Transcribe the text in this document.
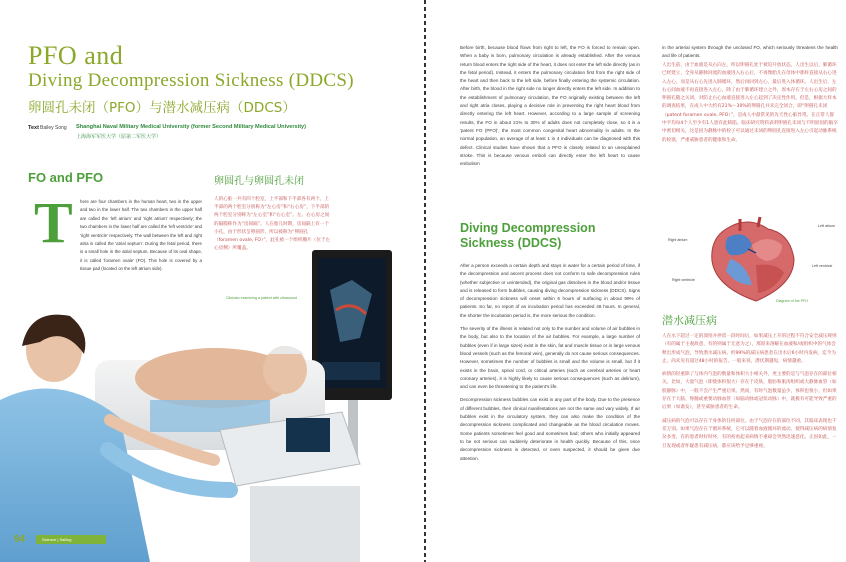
PFO and
Diving Decompression Sickness (DDCS)
卵圆孔未闭（PFO）与潜水减压病（DDCS）
Text Bailey Song Shanghai Naval Military Medical University (former Second Military Medical University)
上海海军军医大学（原第二军医大学）
FO and PFO	卵圆孔与卵圆孔未闭
T here are four chambers in the human heart, two in the upper and two in the lower half. The two chambers in the upper half are called the 'left atrium' and 'right atrium' respectively; the two chambers in the lower half are called the 'left ventricle' and 'right ventricle' respectively. The wall between the left and right atria is called the 'atrial septum'. During the fetal period, there is a small hole in the atrial septum. Because of its oval shape, it is called 'foramen ovale' (FO). This hole is covered by a tissue pad (located on the left atrium side).
人的心脏一共有四个腔室，上半部和下半部各有两个。上半部的两个腔室分别称为“左心房”和“右心房”，下半部的两个腔室分别称为“左心室”和“右心室”。左、右心房之间的隔膜称作为“房间隔”。人在胎儿时期，房间隔上有一个小孔，由于形状呈卵圆形，所以被称为“卵圆孔（foramen ovale, FO）”，此孔被一个组织瓣片（位于左心房侧）所覆盖。
Clinician examining a patient with ultrasound
94	Science | Sailing

Before birth, because blood flows from right to left, the FO is forced to remain open. When a baby is born, pulmonary circulation is already established. After the venous return blood enters the right side of the heart, it does not enter the left side directly (as in the fetal period). Instead, it enters the pulmonary circulation first from the right side of the heart and then back to the left side, before finally entering the systemic circulation. After birth, the blood in the right side no longer directly enters the left side. In addition to the establishment of pulmonary circulation, the FO originally existing between the left and right atria closes, playing a decisive role in preventing the right heart blood from directly entering the left heart. However, according to a large sample of screening results, the FO in about 21% to 30% of adults does not completely close, so it is a 'patent FO (PFO)', the most common congenital heart abnormality in adults. In the normal population, an average of at least 1 in 4 individuals can be diagnosed with this defect. Clinical studies have shown that a PFO is closely related to an unexplained stroke. This is because venous emboli can directly enter the left heart to cause embolism

Diving Decompression Sickness (DDCS)

After a person exceeds a certain depth and stays in water for a certain period of time, if the decompression and ascent process does not conform to safe decompression rules (whether subjective or unintended), the original gas dissolves in the blood and/or tissue and is released to form bubbles, causing diving decompression sickness (DDCS). Signs of decompression sickness will onset within 6 hours of surfacing in about 99% of patients. So far, no report of an incubation period has exceeded 48 hours. In general, the shorter the incubation period is, the more serious the condition.

The severity of the illness is related not only to the number and volume of air bubbles in the body, but also to the location of the air bubbles. For example, a large number of bubbles (even if in large sizes) exist in the skin, fat and muscle tissue or in large venous blood vessels (such as the femoral vein), generally do not cause serious consequences. However, sometimes the number of bubbles is small and the volume is small, but if it exists in the brain, spinal cord, or critical arteries (such as cerebral arteries or heart coronary arteries), it is highly likely to cause serious consequences (such as delirium), and can even be threatening to the patient's life.

Decompression sickness bubbles can exist in any part of the body. Due to the presence of different bubbles, their clinical manifestations are not the same and vary widely. If air bubbles exist in the circulatory system, they can also make the condition of the decompression sickness complicated and changeable as the blood circulation moves. Some patients sometimes feel good and sometimes bad; others who initially appeared to be not serious can suddenly deteriorate in health quickly. Because of this, once decompression sickness is detected, or even suspected, it should be given due attention.

in the arterial system through the unclosed FO, which seriously threatens the health and life of patients.
人出生前，由于血液是从右向左，所以卵圆孔处于被迫开放状态。人出生以后，肺循环已经建立，全身从静脉回流的血液进入右心后，不再像胎儿在母体中那样直接从右心进入左心，而是从右心先进入肺循环，然后再回到左心，最后进入体循环。人出生后，左右心间血液不再直接进入左心，除了由于肺循环建立之外，原本存在于左右心房之间的卵圆孔随之关闭，对防止右心血液直接进入左心起到了决定性作用。但是，根据大样本的调查结果，在成人中大约有21%～30%的卵圆孔并未完全闭合，即“卵圆孔未闭（patent foramen ovale, PFO）”，是成人中最常见的先天性心脏异常。在正常人群中平均每4个人至少有1人患有此缺陷。临床研究资料表明卵圆孔未闭与不明原因的脑卒中密切相关，这是因为静脉中的栓子可以通过未闭的卵圆孔直接进入左心引起动脉系统的栓塞，严重威胁患者的健康和生命。
Left atrium
Right atrium
Left ventricle
Right ventricle
Diagram of the PFO
潜水减压病

人在水下超过一定的深度并停留一段时间后，如果减压上升的过程不符合安全减压规则（有的属于主观故意，有的则属于无意为之），那原来溶解在血液和/或组织中的气体会释出形成气泡，导致潜水减压病。约99%的减压病患者在出水后6小时内发病，迄今为止，尚未见有超过48小时的报告。一般来说，潜伏期越短，病情越重。

病情的轻重除了与体内气泡的数量和体积大小相关外，更主要的是与气泡存在的部位相关。比如，大量气泡（即使体积很大）存在于皮肤、脂肪和肌肉组织或大静脉血管（如股静脉）中，一般不会产生严重后果。然而，有时气泡数量虽少，体积也很小，但如果存在于大脑、脊髓或重要动脉血管（如脑动脉或冠状动脉）中，就极有可能导致严重的后果（如谵妄），甚至威胁患者的生命。

减压病的气泡可以存在于身体的任何部位。由于气泡存在的部位不同，其临床表现也千差万别。如果气泡存在于循环系统，它可以随着血液循环的流动，使得减压病的病情复杂多变，有的患者时好时坏，有的初看起来病情不重却会突然迅速恶化。正因如此，一旦发现或者怀疑患有减压病，都应该给予足够重视。
